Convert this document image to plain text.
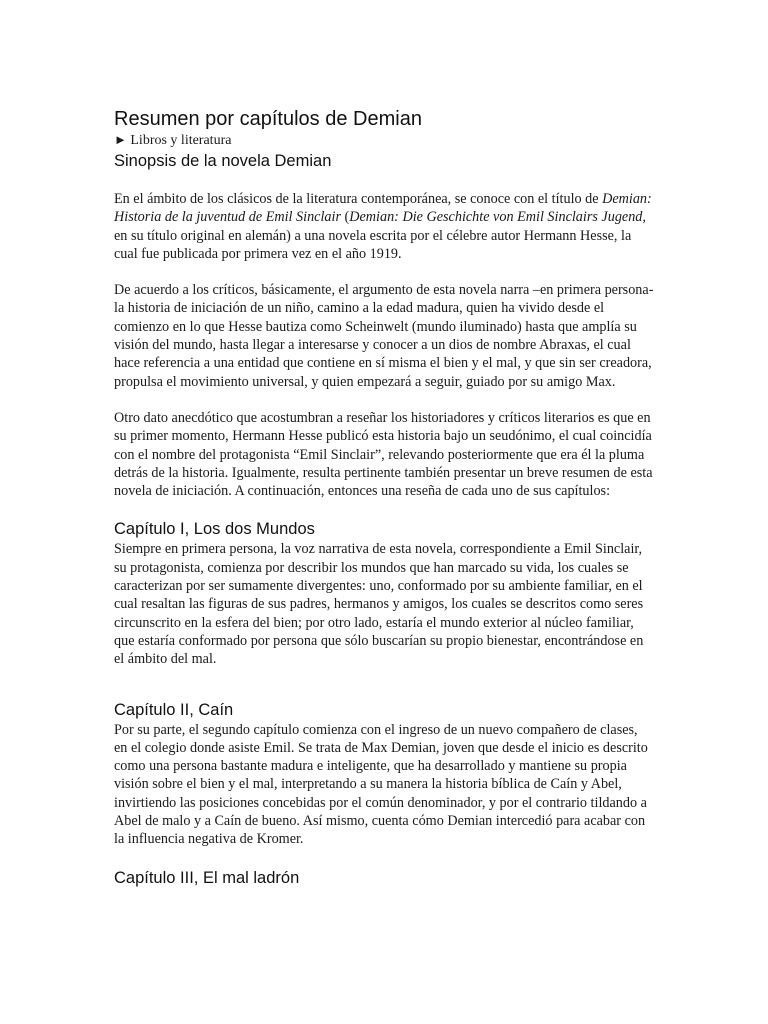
Resumen por capítulos de Demian

► Libros y literatura

Sinopsis de la novela Demian

En el ámbito de los clásicos de la literatura contemporánea, se conoce con el título de Demian: Historia de la juventud de Emil Sinclair (Demian: Die Geschichte von Emil Sinclairs Jugend, en su título original en alemán) a una novela escrita por el célebre autor Hermann Hesse, la cual fue publicada por primera vez en el año 1919.

De acuerdo a los críticos, básicamente, el argumento de esta novela narra –en primera persona- la historia de iniciación de un niño, camino a la edad madura, quien ha vivido desde el comienzo en lo que Hesse bautiza como Scheinwelt (mundo iluminado) hasta que amplía su visión del mundo, hasta llegar a interesarse y conocer a un dios de nombre Abraxas, el cual hace referencia a una entidad que contiene en sí misma el bien y el mal, y que sin ser creadora, propulsa el movimiento universal, y quien empezará a seguir, guiado por su amigo Max.

Otro dato anecdótico que acostumbran a reseñar los historiadores y críticos literarios es que en su primer momento, Hermann Hesse publicó esta historia bajo un seudónimo, el cual coincidía con el nombre del protagonista “Emil Sinclair”, relevando posteriormente que era él la pluma detrás de la historia. Igualmente, resulta pertinente también presentar un breve resumen de esta novela de iniciación. A continuación, entonces una reseña de cada uno de sus capítulos:

Capítulo I, Los dos Mundos

Siempre en primera persona, la voz narrativa de esta novela, correspondiente a Emil Sinclair, su protagonista, comienza por describir los mundos que han marcado su vida, los cuales se caracterizan por ser sumamente divergentes: uno, conformado por su ambiente familiar, en el cual resaltan las figuras de sus padres, hermanos y amigos, los cuales se descritos como seres circunscrito en la esfera del bien; por otro lado, estaría el mundo exterior al núcleo familiar, que estaría conformado por persona que sólo buscarían su propio bienestar, encontrándose en el ámbito del mal.

Capítulo II, Caín

Por su parte, el segundo capítulo comienza con el ingreso de un nuevo compañero de clases, en el colegio donde asiste Emil. Se trata de Max Demian, joven que desde el inicio es descrito como una persona bastante madura e inteligente, que ha desarrollado y mantiene su propia visión sobre el bien y el mal, interpretando a su manera la historia bíblica de Caín y Abel, invirtiendo las posiciones concebidas por el común denominador, y por el contrario tildando a Abel de malo y a Caín de bueno. Así mismo, cuenta cómo Demian intercedió para acabar con la influencia negativa de Kromer.

Capítulo III, El mal ladrón
